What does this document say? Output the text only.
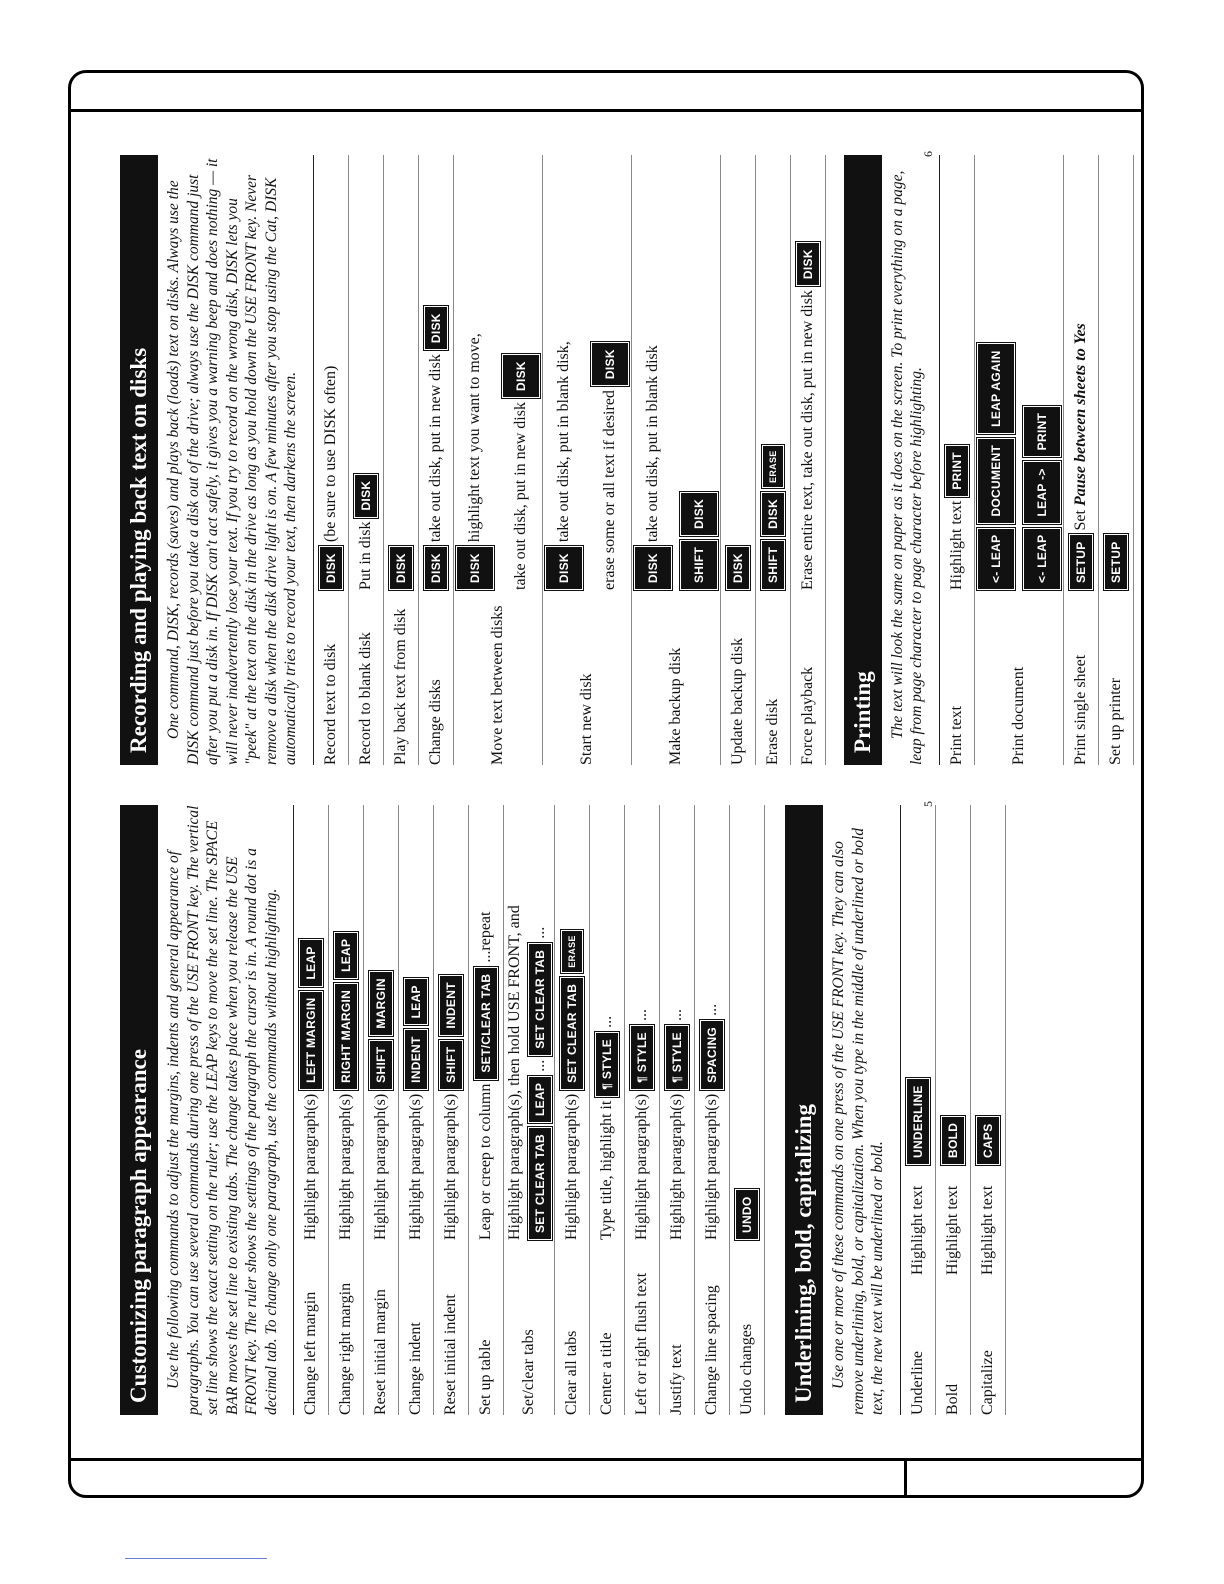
Customizing paragraph appearance Use the following commands to adjust the margins, indents and general appearance of paragraphs. You can use several commands during one press of the USE FRONT key. The vertical set line shows the exact setting on the ruler; use the LEAP keys to move the set line. The SPACE BAR moves the set line to existing tabs. The change takes place when you release the USE FRONT key. The ruler shows the settings of the paragraph the cursor is in. A round dot is a decimal tab. To change only one paragraph, use the commands without highlighting. Change left margin
Highlight paragraph(s)
LEFT MARGIN
LEAP
Change right margin
Highlight paragraph(s)
RIGHT MARGIN
LEAP
Reset initial margin
Highlight paragraph(s)
SHIFT
MARGIN
Change indent
Highlight paragraph(s)
INDENT
LEAP
Reset initial indent
Highlight paragraph(s)
SHIFT
INDENT
Set up table
Leap or creep to column
SET/CLEAR TAB
...repeat
Set/clear tabs
Highlight paragraph(s), then hold USE FRONT, and SET CLEAR TAB
LEAP
...
SET CLEAR TAB
...
Clear all tabs
Highlight paragraph(s)
SET CLEAR TAB
ERASE
Center a title
Type title, highlight it
¶ STYLE
...
Left or right flush text
Highlight paragraph(s)
¶ STYLE
...
Justify text
Highlight paragraph(s)
¶ STYLE
...
Change line spacing
Highlight paragraph(s)
SPACING
...
Undo changes
UNDO Underlining, bold, capitalizing Use one or more of these commands on one press of the USE FRONT key. They can also remove underlining, bold, or capitalization. When you type in the middle of underlined or bold text, the new text will be underlined or bold. Underline
Highlight text
UNDERLINE
Bold
Highlight text
BOLD
Capitalize
Highlight text
CAPS
5
Recording and playing back text on disks One command, DISK, records (saves) and plays back (loads) text on disks. Always use the DISK command just before you take a disk out of the drive; always use the DISK command just after you put a disk in. If DISK can't act safely, it gives you a warning beep and does nothing — it will never inadvertently lose your text. If you try to record on the wrong disk, DISK lets you "peek" at the text on the disk in the drive as long as you hold down the USE FRONT key. Never remove a disk when the disk drive light is on. A few minutes after you stop using the Cat, DISK automatically tries to record your text, then darkens the screen. Record text to disk
DISK
(be sure to use DISK often)
Record to blank disk
Put in disk
DISK
Play back text from disk
DISK
Change disks
DISK
take out disk, put in new disk
DISK
Move text between disks
DISK
highlight text you want to move,	take out disk, put in new disk
DISK
Start new disk
DISK
take out disk, put in blank disk,	erase some or all text if desired
DISK
Make backup disk
DISK
take out disk, put in blank disk
SHIFT
DISK
Update backup disk
DISK
Erase disk
SHIFT
DISK
ERASE
Force playback
Erase entire text, take out disk, put in new disk
DISK
Printing The text will look the same on paper as it does on the screen. To print everything on a page, leap from page character to page character before highlighting. Print text
Highlight text
PRINT
Print document
<- LEAP
DOCUMENT
LEAP AGAIN
<- LEAP
LEAP ->
PRINT
Print single sheet
SETUP
Set
Pause between sheets to Yes
Set up printer
SETUP
6
